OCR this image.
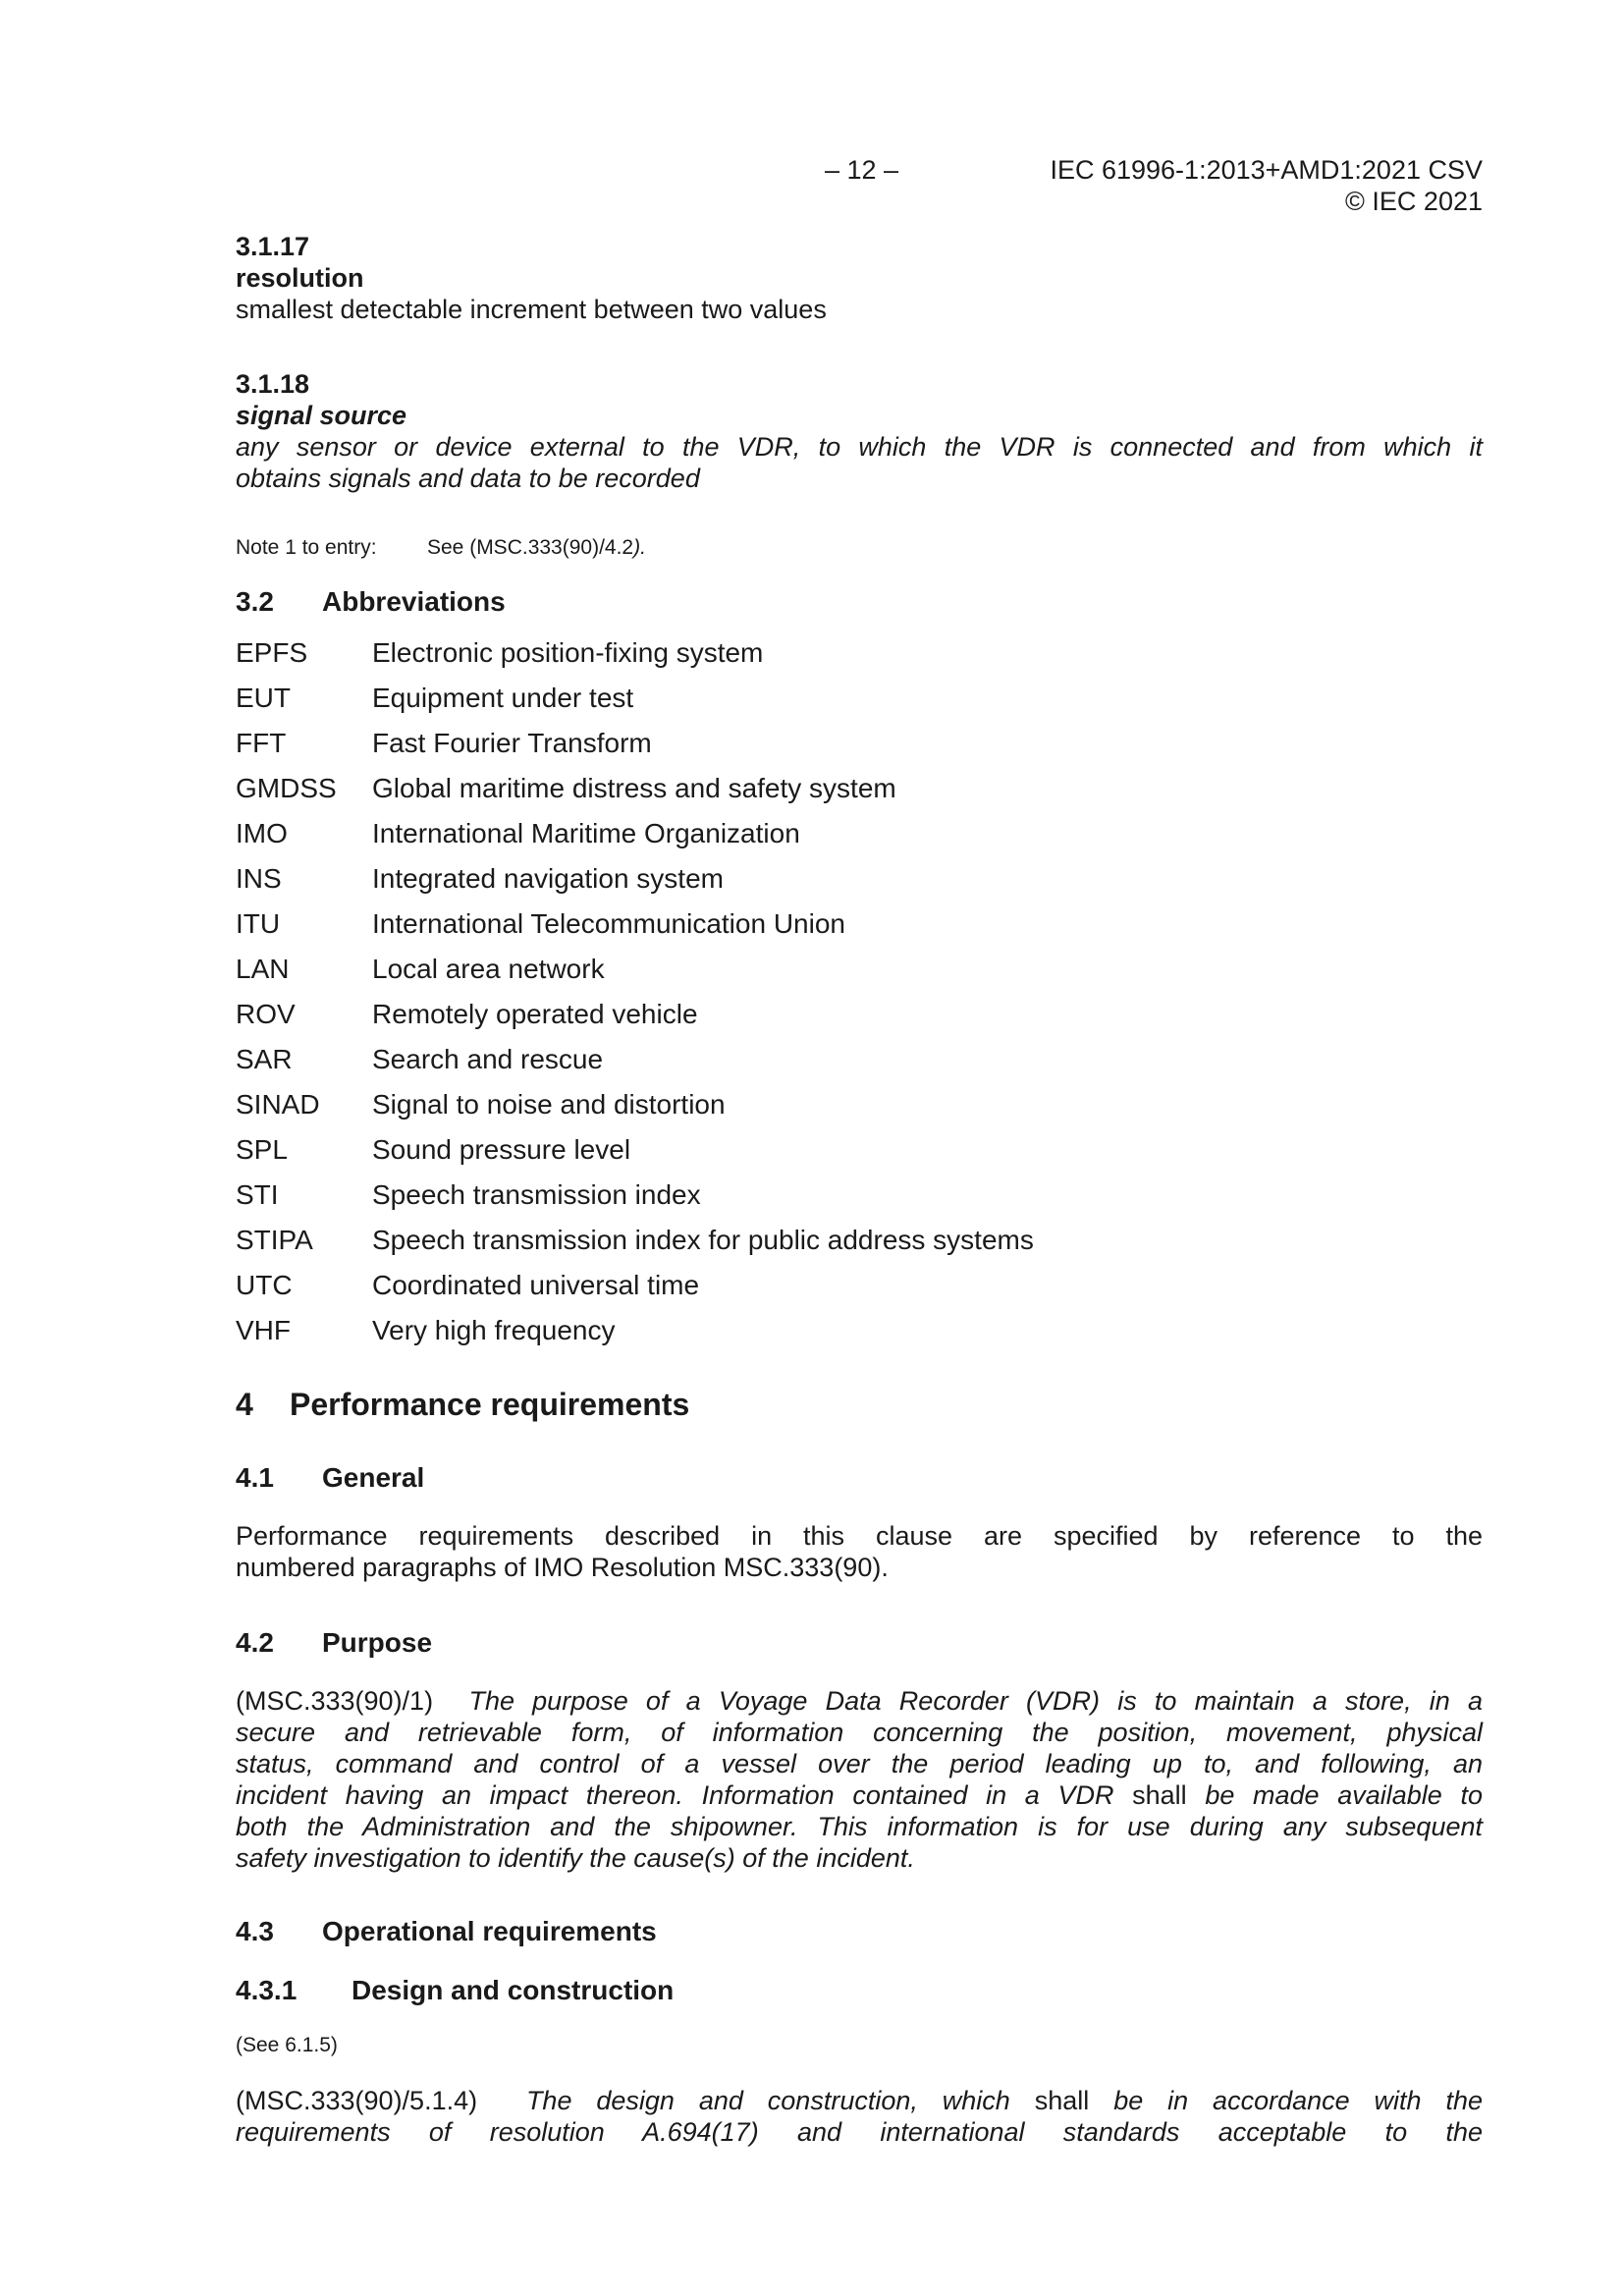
– 12 –	IEC 61996-1:2013+AMD1:2021 CSV
© IEC 2021
3.1.17
resolution
smallest detectable increment between two values
3.1.18
signal source
any sensor or device external to the VDR, to which the VDR is connected and from which it
obtains signals and data to be recorded
Note 1 to entry: See (MSC.333(90)/4.2).
3.2 Abbreviations
EPFS Electronic position-fixing system
EUT	Equipment under test
FFT	Fast Fourier Transform
GMDSS Global maritime distress and safety system
IMO	International Maritime Organization
INS	Integrated navigation system
ITU	International Telecommunication Union
LAN	Local area network
ROV	Remotely operated vehicle
SAR	Search and rescue
SINAD Signal to noise and distortion
SPL	Sound pressure level
STI	Speech transmission index
STIPA Speech transmission index for public address systems
UTC	Coordinated universal time
VHF	Very high frequency
4 Performance requirements
4.1 General
Performance requirements described in this clause are specified by reference to the
numbered paragraphs of IMO Resolution MSC.333(90).
4.2 Purpose
(MSC.333(90)/1) The purpose of a Voyage Data Recorder (VDR) is to maintain a store, in a
secure and retrievable form, of information concerning the position, movement, physical
status, command and control of a vessel over the period leading up to, and following, an
incident having an impact thereon. Information contained in a VDR shall be made available to
both the Administration and the shipowner. This information is for use during any subsequent
safety investigation to identify the cause(s) of the incident.
4.3 Operational requirements
4.3.1 Design and construction
(See 6.1.5)
(MSC.333(90)/5.1.4) The design and construction, which shall be in accordance with the
requirements of resolution A.694(17) and international standards acceptable to the
